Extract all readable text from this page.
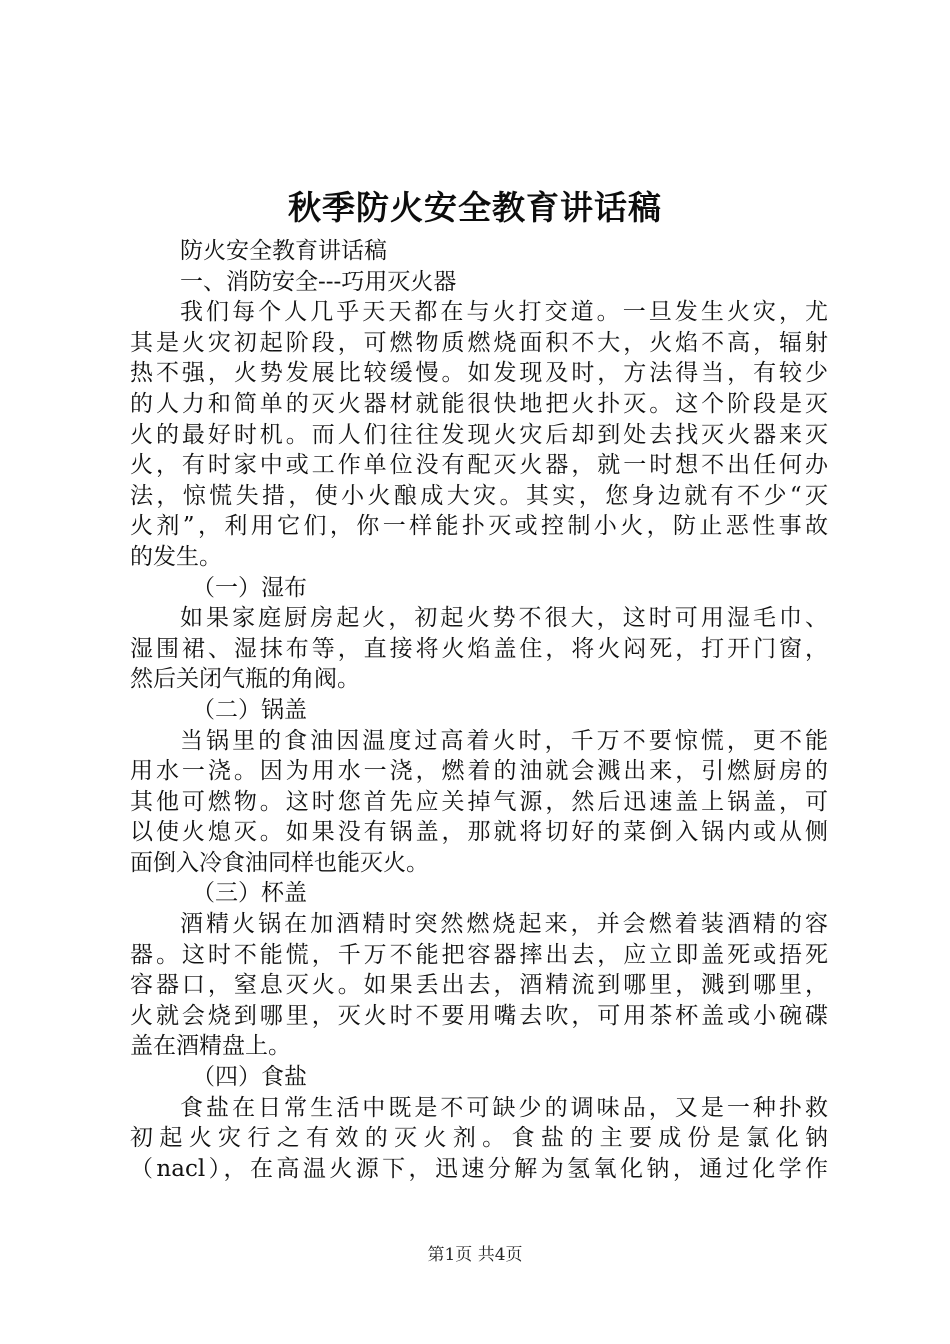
秋季防火安全教育讲话稿
防火安全教育讲话稿
一、消防安全---巧用灭火器
我们每个人几乎天天都在与火打交道。一旦发生火灾，尤
其是火灾初起阶段，可燃物质燃烧面积不大，火焰不高，辐射
热不强，火势发展比较缓慢。如发现及时，方法得当，有较少
的人力和简单的灭火器材就能很快地把火扑灭。这个阶段是灭
火的最好时机。而人们往往发现火灾后却到处去找灭火器来灭
火，有时家中或工作单位没有配灭火器，就一时想不出任何办
法，惊慌失措，使小火酿成大灾。其实，您身边就有不少“灭
火剂”，利用它们，你一样能扑灭或控制小火，防止恶性事故
的发生。
（一）湿布
如果家庭厨房起火，初起火势不很大，这时可用湿毛巾、
湿围裙、湿抹布等，直接将火焰盖住，将火闷死，打开门窗，
然后关闭气瓶的角阀。
（二）锅盖
当锅里的食油因温度过高着火时，千万不要惊慌，更不能
用水一浇。因为用水一浇，燃着的油就会溅出来，引燃厨房的
其他可燃物。这时您首先应关掉气源，然后迅速盖上锅盖，可
以使火熄灭。如果没有锅盖，那就将切好的菜倒入锅内或从侧
面倒入冷食油同样也能灭火。
（三）杯盖
酒精火锅在加酒精时突然燃烧起来，并会燃着装酒精的容
器。这时不能慌，千万不能把容器摔出去，应立即盖死或捂死
容器口，窒息灭火。如果丢出去，酒精流到哪里，溅到哪里，
火就会烧到哪里，灭火时不要用嘴去吹，可用茶杯盖或小碗碟
盖在酒精盘上。
（四）食盐
食盐在日常生活中既是不可缺少的调味品，又是一种扑救
初起火灾行之有效的灭火剂。食盐的主要成份是氯化钠
（nacl），在高温火源下，迅速分解为氢氧化钠，通过化学作
第1页 共4页
